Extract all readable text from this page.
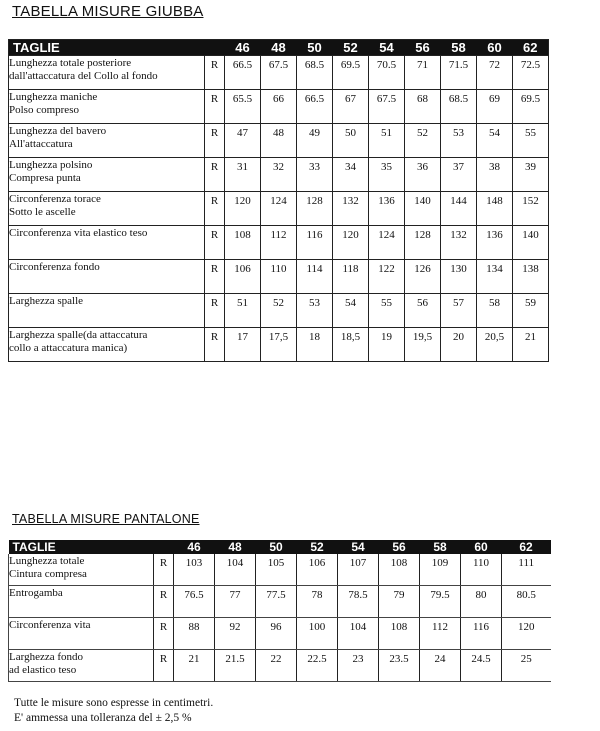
TABELLA MISURE GIUBBA
TAGLIE		46	48	50	52	54	56	58	60	62

Lunghezza totale posteriore
dall'attaccatura del Collo al fondo	R	66.5	67.5	68.5	69.5	70.5	71	71.5	72	72.5

Lunghezza maniche
Polso compreso	R	65.5	66	66.5	67	67.5	68	68.5	69	69.5

Lunghezza del bavero
All'attaccatura	R	47	48	49	50	51	52	53	54	55

Lunghezza polsino
Compresa punta	R	31	32	33	34	35	36	37	38	39

Circonferenza torace
Sotto le ascelle	R	120	124	128	132	136	140	144	148	152

Circonferenza vita elastico teso	R	108	112	116	120	124	128	132	136	140

Circonferenza fondo	R	106	110	114	118	122	126	130	134	138

Larghezza spalle	R	51	52	53	54	55	56	57	58	59

Larghezza spalle(da attaccatura
collo a attaccatura manica)	R	17	17,5	18	18,5	19	19,5	20	20,5	21
TABELLA MISURE PANTALONE
TAGLIE		46	48	50	52	54	56	58	60	62

Lunghezza totale
Cintura compresa	R	103	104	105	106	107	108	109	110	111

Entrogamba	R	76.5	77	77.5	78	78.5	79	79.5	80	80.5

Circonferenza vita	R	88	92	96	100	104	108	112	116	120

Larghezza fondo
ad elastico teso	R	21	21.5	22	22.5	23	23.5	24	24.5	25
Tutte le misure sono espresse in centimetri.
E' ammessa una tolleranza del ± 2,5 %
